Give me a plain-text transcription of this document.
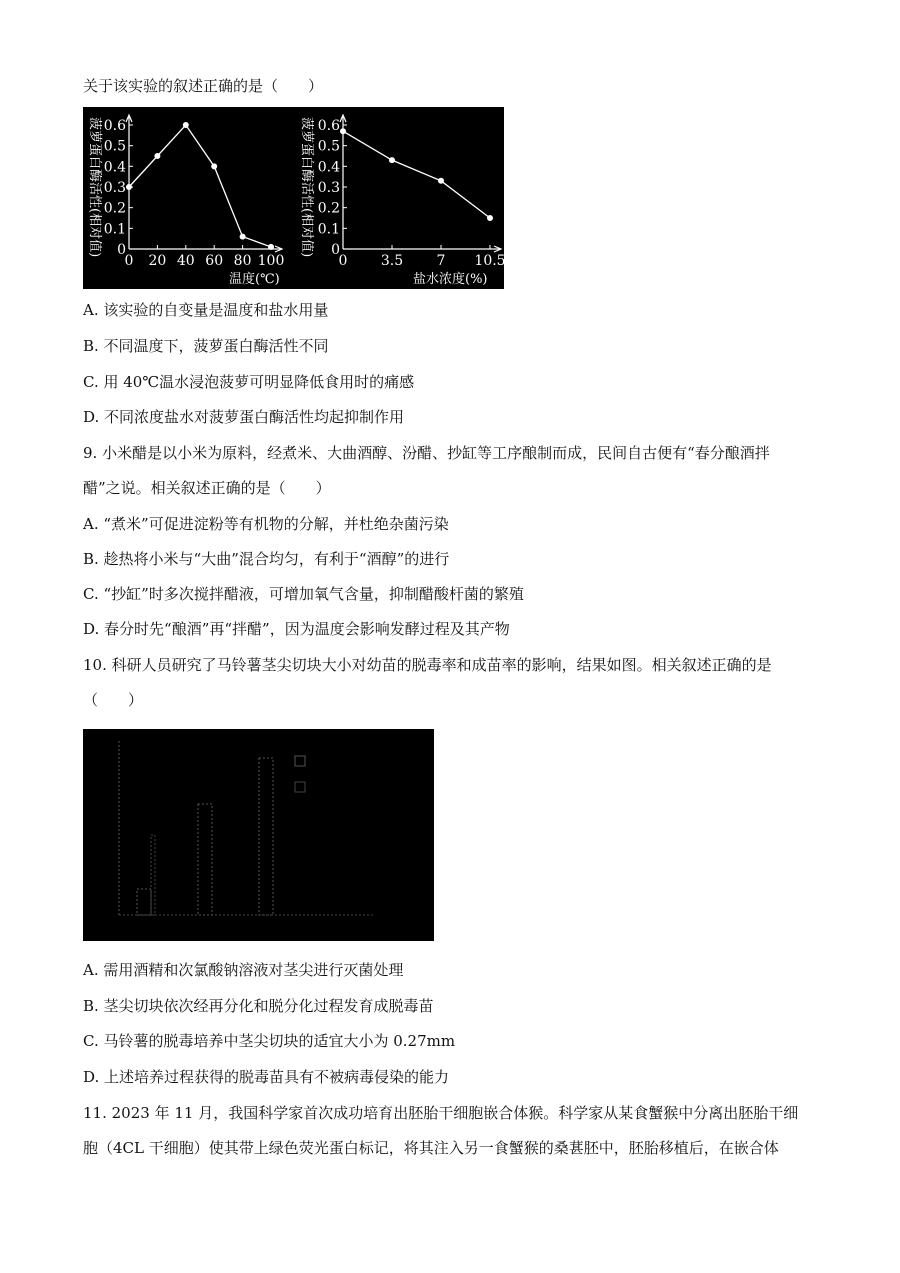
关于该实验的叙述正确的是（　　）
菠萝蛋白酶活性(相对值)
温度(℃)
菠萝蛋白酶活性(相对值)
盐水浓度(%)
0
0.1
0.2
0.3
0.4
0.5
0.6
0 20 40 60 80 100
0
0.1
0.2
0.3
0.4
0.5
0.6
0 3.5 7 10.5
A. 该实验的自变量是温度和盐水用量
B. 不同温度下，菠萝蛋白酶活性不同
C. 用 40℃温水浸泡菠萝可明显降低食用时的痛感
D. 不同浓度盐水对菠萝蛋白酶活性均起抑制作用
9. 小米醋是以小米为原料，经煮米、大曲酒醇、汾醋、抄缸等工序酿制而成，民间自古便有“春分酿酒拌
醋”之说。相关叙述正确的是（　　）
A. “煮米”可促进淀粉等有机物的分解，并杜绝杂菌污染
B. 趁热将小米与“大曲”混合均匀，有利于“酒醇”的进行
C. “抄缸”时多次搅拌醋液，可增加氧气含量，抑制醋酸杆菌的繁殖
D. 春分时先“酿酒”再“拌醋”，因为温度会影响发酵过程及其产物
10. 科研人员研究了马铃薯茎尖切块大小对幼苗的脱毒率和成苗率的影响，结果如图。相关叙述正确的是
（　　）
A. 需用酒精和次氯酸钠溶液对茎尖进行灭菌处理
B. 茎尖切块依次经再分化和脱分化过程发育成脱毒苗
C. 马铃薯的脱毒培养中茎尖切块的适宜大小为 0.27mm
D. 上述培养过程获得的脱毒苗具有不被病毒侵染的能力
11. 2023 年 11 月，我国科学家首次成功培育出胚胎干细胞嵌合体猴。科学家从某食蟹猴中分离出胚胎干细
胞（4CL 干细胞）使其带上绿色荧光蛋白标记，将其注入另一食蟹猴的桑葚胚中，胚胎移植后，在嵌合体
